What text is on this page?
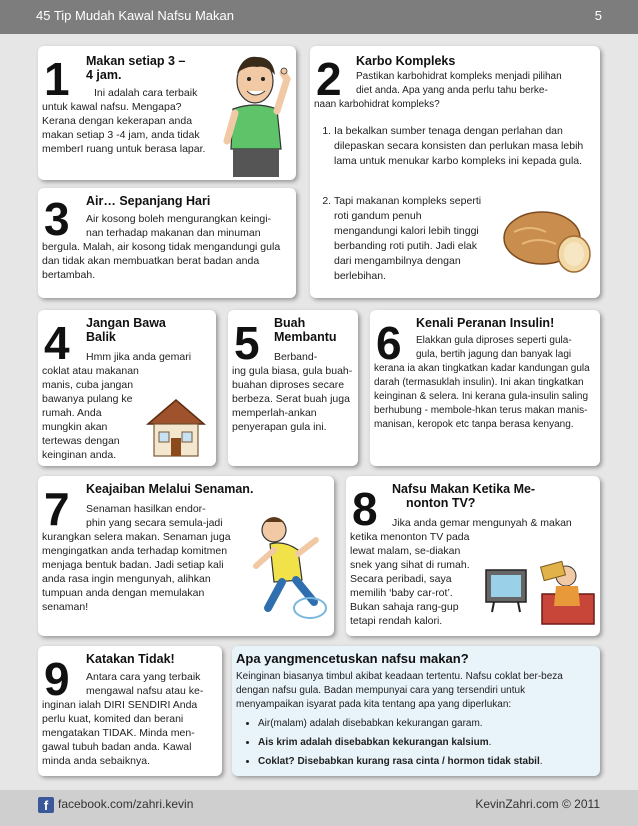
45 Tip Mudah Kawal Nafsu Makan	5
1 Makan setiap 3 –
4 jam.
Ini adalah cara terbaik
untuk kawal nafsu. Mengapa? Kerana dengan kekerapan anda makan setiap 3 -4 jam, anda tidak memberI ruang untuk berasa lapar.
2 Karbo Kompleks
Pastikan karbohidrat kompleks menjadi pilihan
diet anda. Apa yang anda perlu tahu berke-
naan karbohidrat kompleks?
1. Ia bekalkan sumber tenaga dengan perlahan dan dilepaskan secara konsisten dan perlukan masa lebih lama untuk menukar karbo kompleks ini kepada gula.
2. Tapi makanan kompleks seperti roti gandum penuh mengandungi kalori lebih tinggi berbanding roti putih. Jadi elak dari mengambilnya dengan berlebihan.
3 Air… Sepanjang Hari
Air kosong boleh mengurangkan keingi-
nan terhadap makanan dan minuman
bergula. Malah, air kosong tidak mengandungi gula dan tidak akan membuatkan berat badan anda bertambah.
4 Jangan Bawa
Balik
Hmm jika anda gemari
coklat atau makanan manis, cuba jangan bawanya pulang ke rumah. Anda mungkin akan tertewas dengan keinginan anda.
5 Buah
Membantu
Berband-
ing gula biasa, gula buah-buahan diproses secare berbeza. Serat buah juga memperlah-ankan penyerapan gula ini.
6 Kenali Peranan Insulin!
Elakkan gula diproses seperti gula-
gula, bertih jagung dan banyak lagi
kerana ia akan tingkatkan kadar kandungan gula darah (termasuklah insulin). Ini akan tingkatkan keinginan & selera. Ini kerana gula-insulin saling berhubung - membole-hkan terus makan manis-manisan, keropok etc tanpa berasa kenyang.
7 Keajaiban Melalui Senaman.
Senaman hasilkan endor-
phin yang secara semula-jadi
kurangkan selera makan. Senaman juga mengingatkan anda terhadap komitmen menjaga bentuk badan. Jadi setiap kali anda rasa ingin mengunyah, alihkan tumpuan anda dengan memulakan senaman!
8 Nafsu Makan Ketika Me-
nonton TV?
Jika anda gemar mengunyah & makan
ketika menonton TV pada lewat malam, se-diakan snek yang sihat di rumah. Secara peribadi, saya memilih ‘baby car-rot’. Bukan sahaja rang-gup tetapi rendah kalori.
9 Katakan Tidak!
Antara cara yang terbaik
mengawal nafsu atau ke-
inginan ialah DIRI SENDIRI Anda perlu kuat, komited dan berani mengatakan TIDAK. Minda men-gawal tubuh badan anda. Kawal minda anda sebaiknya.
Apa yangmencetuskan nafsu makan?
Keinginan biasanya timbul akibat keadaan tertentu. Nafsu coklat ber-beza dengan nafsu gula. Badan mempunyai cara yang tersendiri untuk menyampaikan isyarat pada kita tentang apa yang diperlukan:
• Air(malam) adalah disebabkan kekurangan garam.
• Ais krim adalah disebabkan kekurangan kalsium.
• Coklat? Disebabkan kurang rasa cinta / hormon tidak stabil.
f facebook.com/zahri.kevin	KevinZahri.com © 2011
